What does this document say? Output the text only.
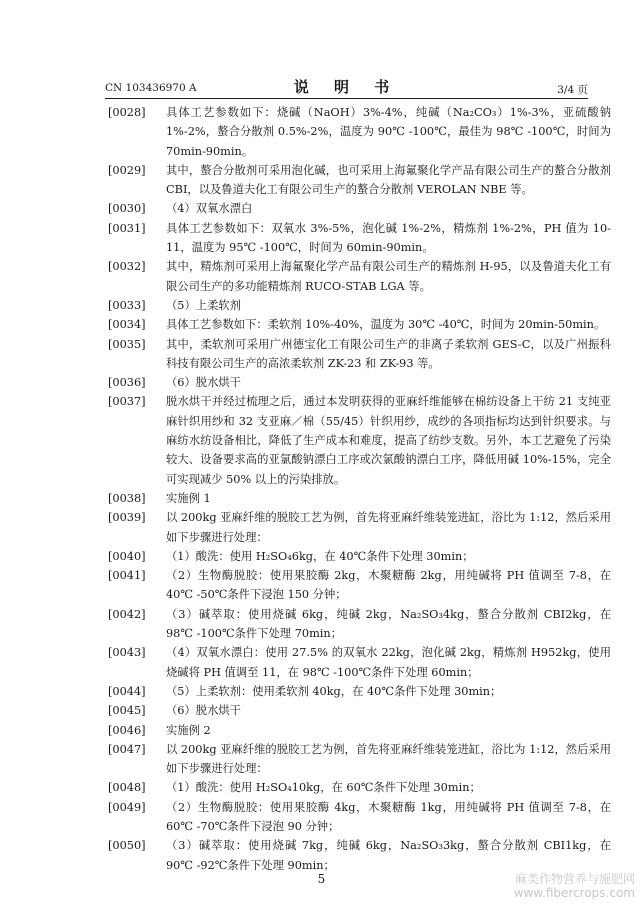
CN 103436970 A	说 明 书	3/4 页
[0028]	具体工艺参数如下：烧碱（NaOH）3%-4%，纯碱（Na₂CO₃）1%-3%，亚硫酸钠 1%-2%，螯合分散剂 0.5%-2%，温度为 90℃ -100℃，最佳为 98℃ -100℃，时间为 70min-90min。
[0029]	其中，螯合分散剂可采用泡化碱，也可采用上海氟聚化学产品有限公司生产的螯合分散剂 CBI，以及鲁道夫化工有限公司生产的螯合分散剂 VEROLAN NBE 等。
[0030]	（4）双氧水漂白
[0031]	具体工艺参数如下：双氧水 3%-5%，泡化碱 1%-2%，精炼剂 1%-2%，PH 值为 10-11，温度为 95℃ -100℃，时间为 60min-90min。
[0032]	其中，精炼剂可采用上海氟聚化学产品有限公司生产的精炼剂 H-95，以及鲁道夫化工有限公司生产的多功能精炼剂 RUCO-STAB LGA 等。
[0033]	（5）上柔软剂
[0034]	具体工艺参数如下：柔软剂 10%-40%，温度为 30℃ -40℃，时间为 20min-50min。
[0035]	其中，柔软剂可采用广州德宝化工有限公司生产的非离子柔软剂 GES-C，以及广州振科科技有限公司生产的高浓柔软剂 ZK-23 和 ZK-93 等。
[0036]	（6）脱水烘干
[0037]	脱水烘干并经过梳理之后，通过本发明获得的亚麻纤维能够在棉纺设备上干纺 21 支纯亚麻针织用纱和 32 支亚麻／棉（55/45）针织用纱，成纱的各项指标均达到针织要求。与麻纺水纺设备相比，降低了生产成本和难度，提高了纺纱支数。另外，本工艺避免了污染较大、设备要求高的亚氯酸钠漂白工序或次氯酸钠漂白工序，降低用碱 10%-15%，完全可实现减少 50% 以上的污染排放。
[0038]	实施例 1
[0039]	以 200kg 亚麻纤维的脱胶工艺为例，首先将亚麻纤维装笼进缸，浴比为 1:12，然后采用如下步骤进行处理：
[0040]	（1）酸洗：使用 H₂SO₄6kg，在 40℃条件下处理 30min；
[0041]	（2）生物酶脱胶：使用果胶酶 2kg，木聚糖酶 2kg，用纯碱将 PH 值调至 7-8，在 40℃ -50℃条件下浸泡 150 分钟；
[0042]	（3）碱萃取：使用烧碱 6kg，纯碱 2kg，Na₂SO₃4kg，螯合分散剂 CBI2kg，在 98℃ -100℃条件下处理 70min；
[0043]	（4）双氧水漂白：使用 27.5% 的双氧水 22kg，泡化碱 2kg，精炼剂 H952kg，使用烧碱将 PH 值调至 11，在 98℃ -100℃条件下处理 60min；
[0044]	（5）上柔软剂：使用柔软剂 40kg，在 40℃条件下处理 30min；
[0045]	（6）脱水烘干
[0046]	实施例 2
[0047]	以 200kg 亚麻纤维的脱胶工艺为例，首先将亚麻纤维装笼进缸，浴比为 1:12，然后采用如下步骤进行处理：
[0048]	（1）酸洗：使用 H₂SO₄10kg，在 60℃条件下处理 30min；
[0049]	（2）生物酶脱胶：使用果胶酶 4kg，木聚糖酶 1kg，用纯碱将 PH 值调至 7-8，在 60℃ -70℃条件下浸泡 90 分钟；
[0050]	（3）碱萃取：使用烧碱 7kg，纯碱 6kg，Na₂SO₃3kg，螯合分散剂 CBI1kg，在 90℃ -92℃条件下处理 90min；
5	麻类作物营养与施肥网
www.fibercrops.com
